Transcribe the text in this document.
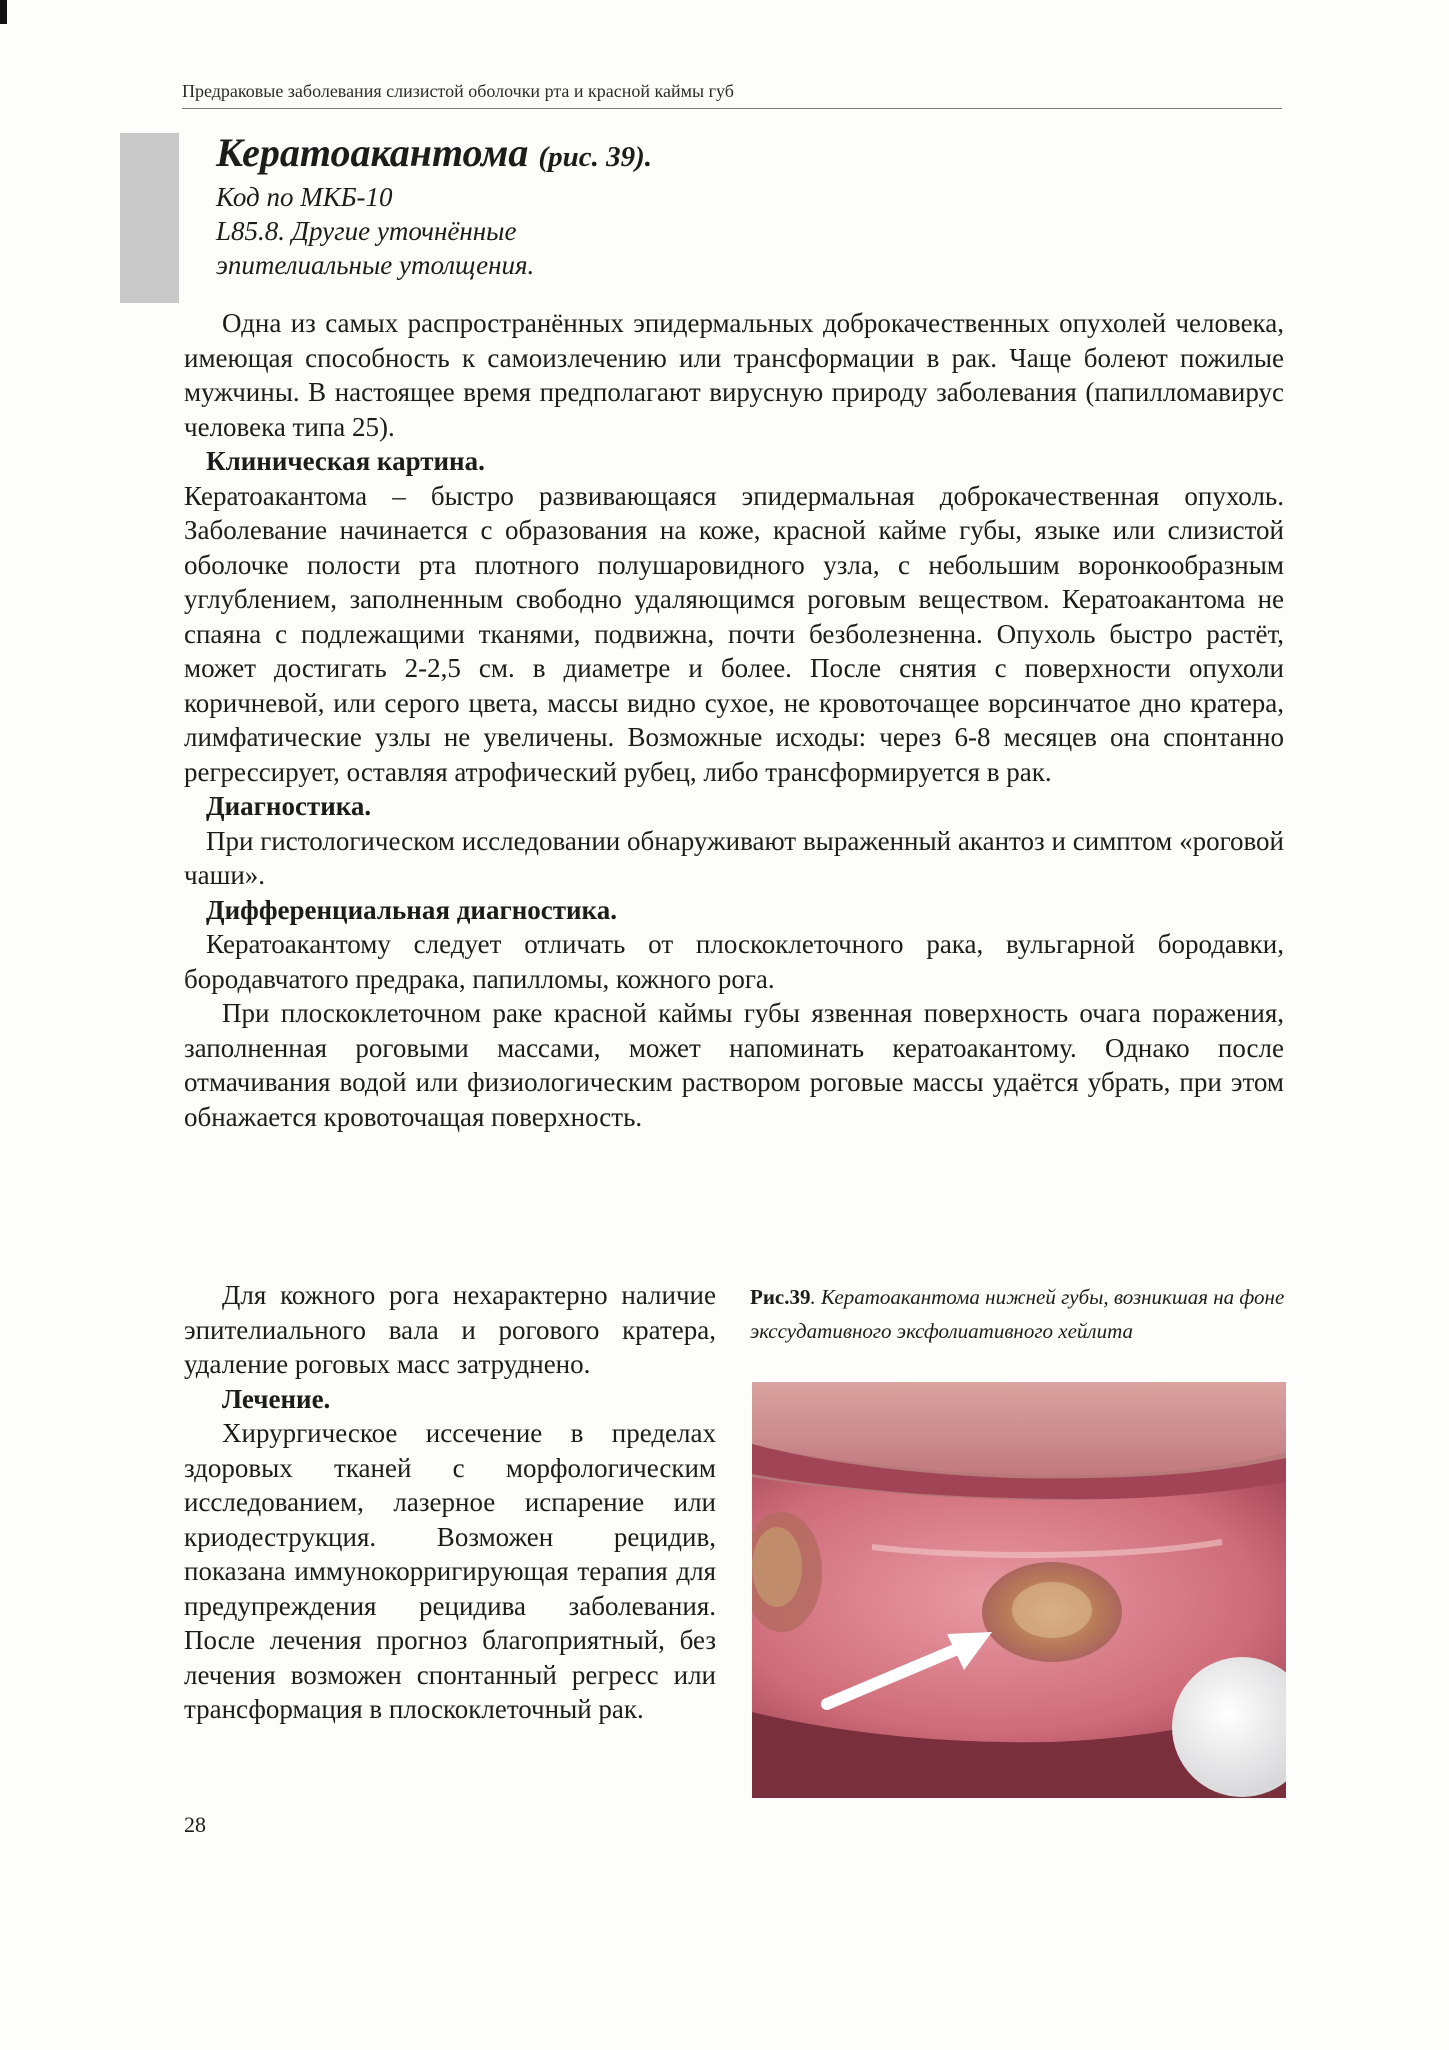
Предраковые заболевания слизистой оболочки рта и красной каймы губ
Кератоакантома (рис. 39).
Код по МКБ-10
L85.8. Другие уточнённые
эпителиальные утолщения.

Одна из самых распространённых эпидермальных доброкачественных опухолей человека, имеющая способность к самоизлечению или трансформации в рак. Чаще болеют пожилые мужчины. В настоящее время предполагают вирусную природу заболевания (папилломавирус человека типа 25).

Клиническая картина.

Кератоакантома – быстро развивающаяся эпидермальная доброкачественная опухоль. Заболевание начинается с образования на коже, красной кайме губы, языке или слизистой оболочке полости рта плотного полушаровидного узла, с небольшим воронкообразным углублением, заполненным свободно удаляющимся роговым веществом. Кератоакантома не спаяна с подлежащими тканями, подвижна, почти безболезненна. Опухоль быстро растёт, может достигать 2-2,5 см. в диаметре и более. После снятия с поверхности опухоли коричневой, или серого цвета, массы видно сухое, не кровоточащее ворсинчатое дно кратера, лимфатические узлы не увеличены. Возможные исходы: через 6-8 месяцев она спонтанно регрессирует, оставляя атрофический рубец, либо трансформируется в рак.

Диагностика.

При гистологическом исследовании обнаруживают выраженный акантоз и симптом «роговой чаши».

Дифференциальная диагностика.

Кератоакантому следует отличать от плоскоклеточного рака, вульгарной бородавки, бородавчатого предрака, папилломы, кожного рога.

При плоскоклеточном раке красной каймы губы язвенная поверхность очага поражения, заполненная роговыми массами, может напоминать кератоакантому. Однако после отмачивания водой или физиологическим раствором роговые массы удаётся убрать, при этом обнажается кровоточащая поверхность.

Для кожного рога нехарактерно наличие эпителиального вала и рогового кратера, удаление роговых масс затруднено.

Лечение.

Хирургическое иссечение в пределах здоровых тканей с морфологическим исследованием, лазерное испарение или криодеструкция. Возможен рецидив, показана иммунокорригирующая терапия для предупреждения рецидива заболевания. После лечения прогноз благоприятный, без лечения возможен спонтанный регресс или трансформация в плоскоклеточный рак.

Рис.39. Кератоакантома нижней губы, возникшая на фоне экссудативного эксфолиативного хейлита
28
